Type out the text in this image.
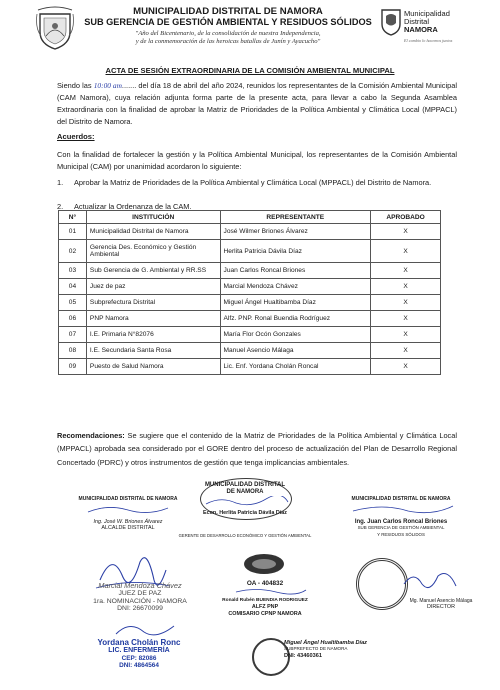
MUNICIPALIDAD DISTRITAL DE NAMORA
SUB GERENCIA DE GESTIÓN AMBIENTAL Y RESIDUOS SÓLIDOS
"Año del Bicentenario, de la consolidación de nuestra Independencia,
y de la conmemoración de las heroicas batallas de Junín y Ayacucho"
Municipalidad
Distrital
NAMORA
El cambio lo hacemos juntos
ACTA DE SESIÓN EXTRAORDINARIA DE LA COMISIÓN AMBIENTAL MUNICIPAL
Siendo las 10:00 am....... del día 18 de abril del año 2024, reunidos los representantes de la Comisión Ambiental Municipal (CAM Namora), cuya relación adjunta forma parte de la presente acta, para llevar a cabo la Segunda Asamblea Extraordinaria con la finalidad de aprobar la Matriz de Prioridades de la Política Ambiental y Climática Local (MPPACL) del Distrito de Namora.
Acuerdos:
Con la finalidad de fortalecer la gestión y la Política Ambiental Municipal, los representantes de la Comisión Ambiental Municipal (CAM) por unanimidad acordaron lo siguiente:
1. Aprobar la Matriz de Prioridades de la Política Ambiental y Climática Local (MPPACL) del Distrito de Namora.
2. Actualizar la Ordenanza de la CAM.
N°	INSTITUCIÓN	REPRESENTANTE	APROBADO
01	Municipalidad Distrital de Namora	José Wilmer Briones Álvarez	X
02	Gerencia Des. Económico y Gestión Ambiental	Herlita Patricia Dávila Díaz	X
03	Sub Gerencia de G. Ambiental y RR.SS	Juan Carlos Roncal Briones	X
04	Juez de paz	Marcial Mendoza Chávez	X
05	Subprefectura Distrital	Miguel Ángel Hualtibamba Díaz	X
06	PNP Namora	Alfz. PNP. Ronal Buendia Rodríguez	X
07	I.E. Primaria N°82076	María Flor Ocón Gonzales	X
08	I.E. Secundaria Santa Rosa	Manuel Asencio Málaga	X
09	Puesto de Salud Namora	Lic. Enf. Yordana Cholán Roncal	X
Recomendaciones: Se sugiere que el contenido de la Matriz de Prioridades de la Política Ambiental y Climática Local (MPPACL) aprobada sea considerado por el GORE dentro del proceso de actualización del Plan de Desarrollo Regional Concertado (PDRC) y otros instrumentos de gestión que tenga implicancias ambientales.
MUNICIPALIDAD DISTRITAL DE NAMORA
Ing. José W. Briones Álvarez
ALCALDE DISTRITAL
MUNICIPALIDAD DISTRITAL DE NAMORA
Econ. Herlita Patricia Dávila Díaz
GERENTE DE DESARROLLO ECONÓMICO Y GESTIÓN AMBIENTAL
MUNICIPALIDAD DISTRITAL DE NAMORA
Ing. Juan Carlos Roncal Briones
SUB GERENCIA DE GESTIÓN AMBIENTAL
Y RESIDUOS SÓLIDOS
Marcial Mendoza Chávez
JUEZ DE PAZ
1ra. NOMINACIÓN - NAMORA
DNI: 26670099
OA - 404832
Ronald Rubén BUENDIA RODRIGUEZ
ALFZ PNP
COMISARIO CPNP NAMORA
Mg. Manuel Asencio Málaga
DIRECTOR
Yordana Cholán Ronc
LIC. ENFERMERÍA
CEP: 82086
DNI: 4864564
Miguel Ángel Hualtibamba Díaz
SUBPREFECTO DE NAMORA
DNI: 43460361
